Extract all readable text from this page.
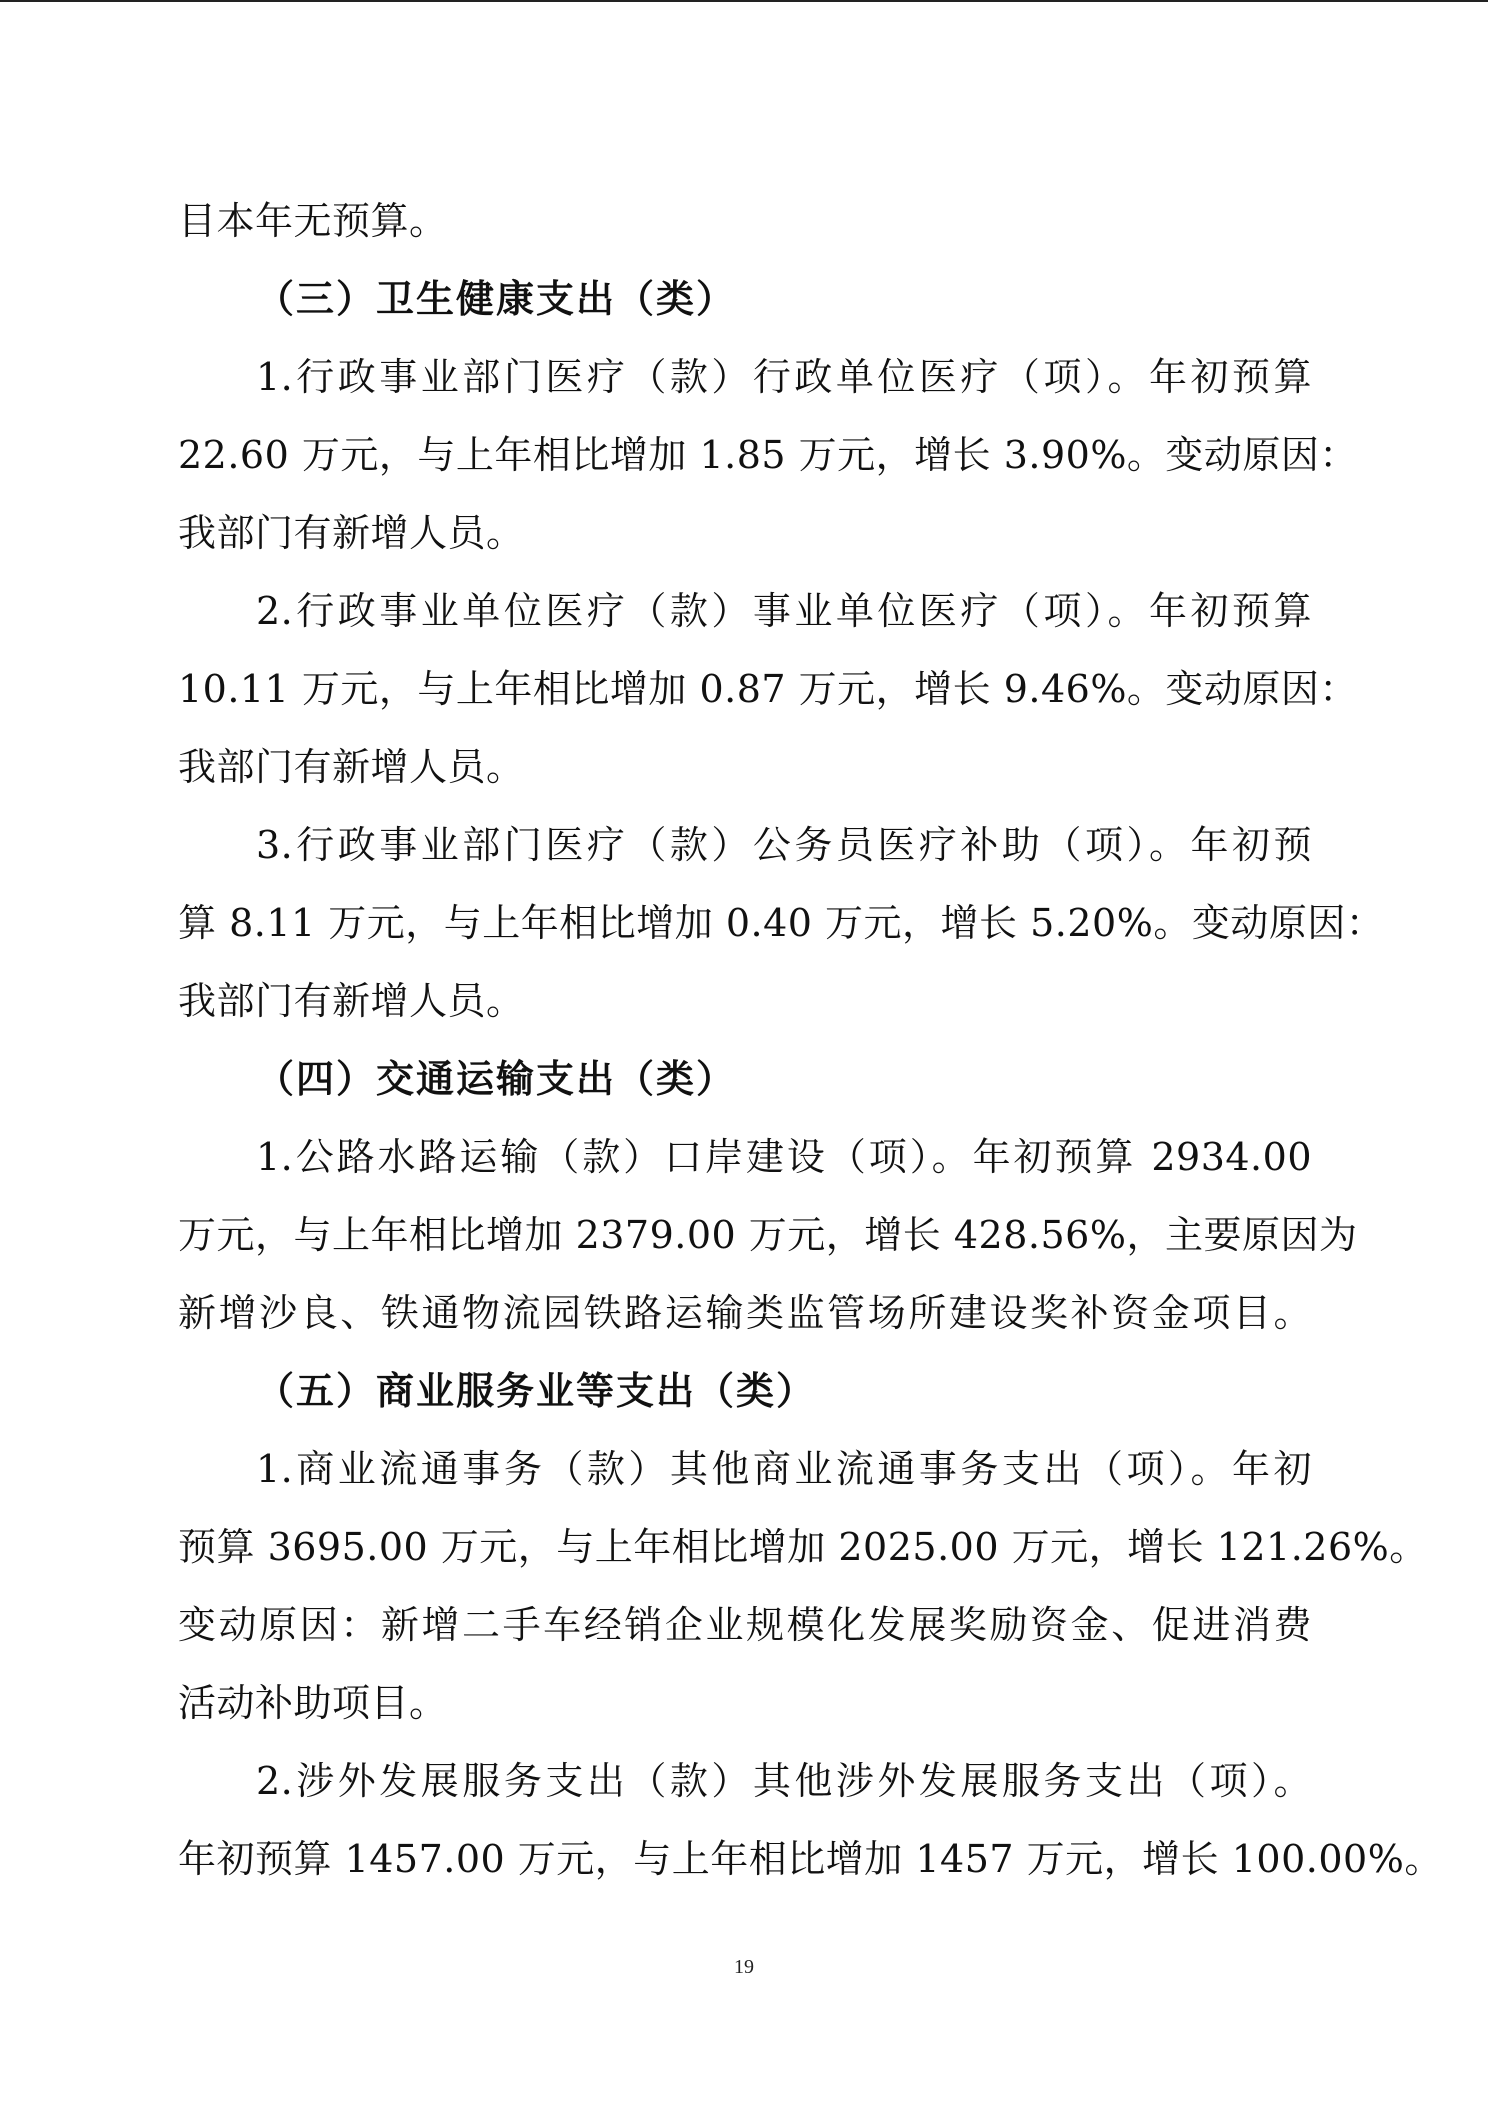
目本年无预算。
（三）卫生健康支出（类）
1.行政事业部门医疗（款）行政单位医疗（项）。年初预算
22.60 万元，与上年相比增加 1.85 万元，增长 3.90%。变动原因：
我部门有新增人员。
2.行政事业单位医疗（款）事业单位医疗（项）。年初预算
10.11 万元，与上年相比增加 0.87 万元，增长 9.46%。变动原因：
我部门有新增人员。
3.行政事业部门医疗（款）公务员医疗补助（项）。年初预
算 8.11 万元，与上年相比增加 0.40 万元，增长 5.20%。变动原因：
我部门有新增人员。
（四）交通运输支出（类）
1.公路水路运输（款）口岸建设（项）。年初预算 2934.00
万元，与上年相比增加 2379.00 万元，增长 428.56%，主要原因为
新增沙良、铁通物流园铁路运输类监管场所建设奖补资金项目。
（五）商业服务业等支出（类）
1.商业流通事务（款）其他商业流通事务支出（项）。年初
预算 3695.00 万元，与上年相比增加 2025.00 万元，增长 121.26%。
变动原因：新增二手车经销企业规模化发展奖励资金、促进消费
活动补助项目。
2.涉外发展服务支出（款）其他涉外发展服务支出（项）。
年初预算 1457.00 万元，与上年相比增加 1457 万元，增长 100.00%。
19
